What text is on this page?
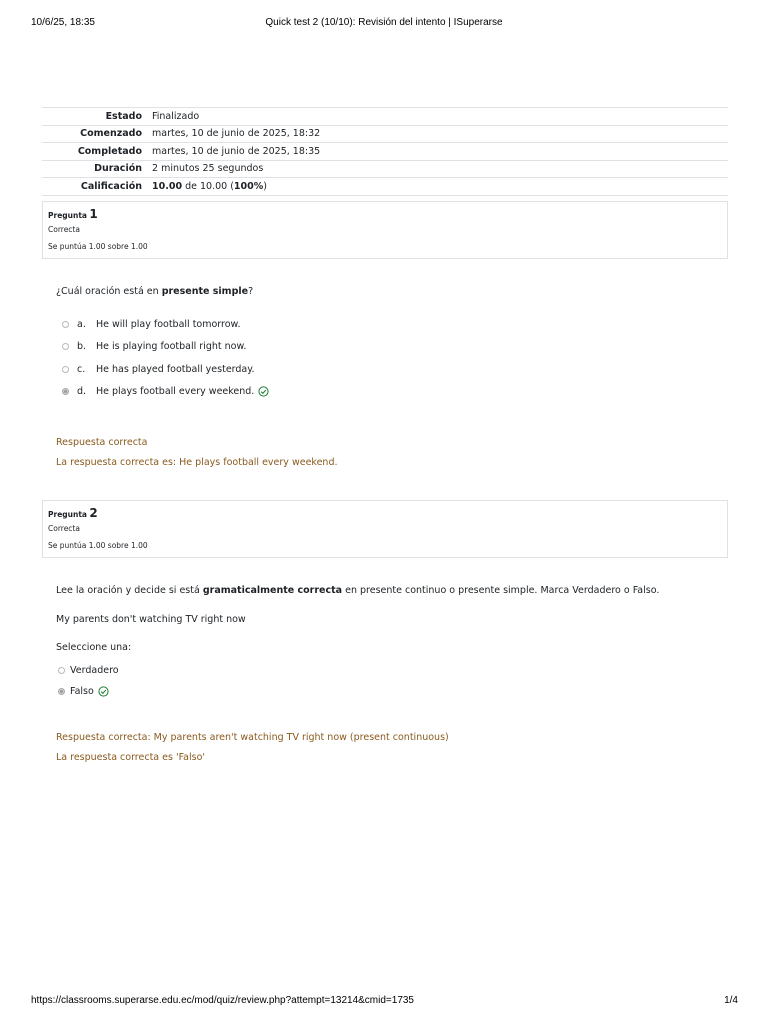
10/6/25, 18:35	Quick test 2 (10/10): Revisión del intento | ISuperarse
Estado	Finalizado
Comenzado	martes, 10 de junio de 2025, 18:32
Completado	martes, 10 de junio de 2025, 18:35
Duración	2 minutos 25 segundos
Calificación	10.00 de 10.00 (100%)
Pregunta 1
Correcta
Se puntúa 1.00 sobre 1.00
¿Cuál oración está en presente simple?
a. He will play football tomorrow.
b. He is playing football right now.
c. He has played football yesterday.
d. He plays football every weekend.
Respuesta correcta
La respuesta correcta es: He plays football every weekend.
Pregunta 2
Correcta
Se puntúa 1.00 sobre 1.00
Lee la oración y decide si está gramaticalmente correcta en presente continuo o presente simple. Marca Verdadero o Falso.
My parents don't watching TV right now
Seleccione una:
Verdadero
Falso
Respuesta correcta: My parents aren't watching TV right now (present continuous)
La respuesta correcta es 'Falso'
https://classrooms.superarse.edu.ec/mod/quiz/review.php?attempt=13214&cmid=1735	1/4
